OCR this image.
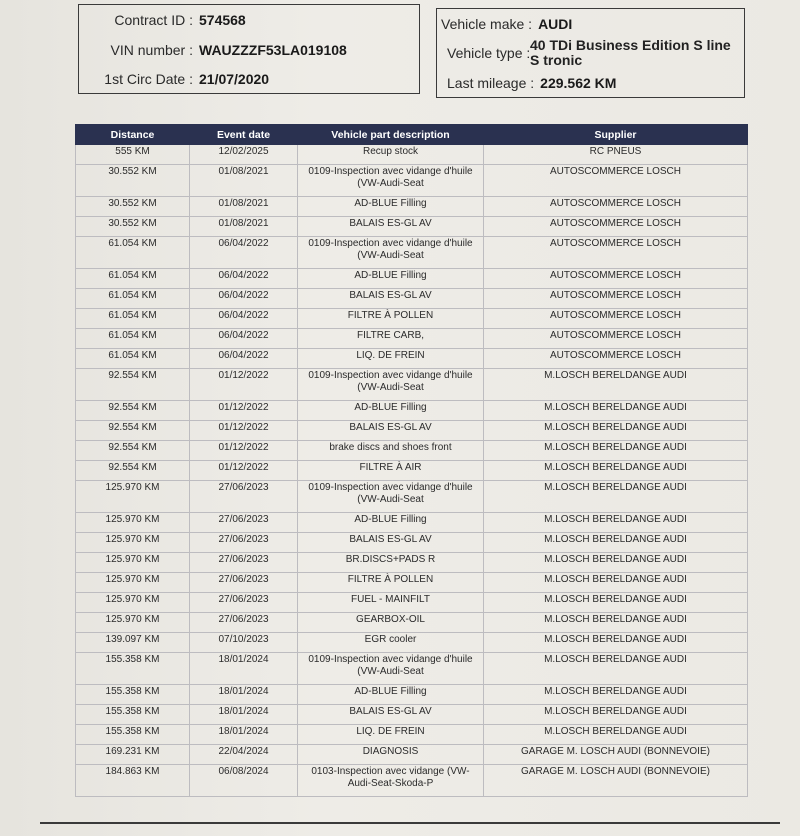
Contract ID : 574568
VIN number : WAUZZZF53LA019108
1st Circ Date : 21/07/2020
Vehicle make : AUDI
Vehicle type : 40 TDi Business Edition S line S tronic
Last mileage : 229.562 KM
Distance	Event date	Vehicle part description	Supplier
555 KM	12/02/2025	Recup stock	RC PNEUS
30.552 KM	01/08/2021	0109-Inspection avec vidange d'huile (VW-Audi-Seat	AUTOSCOMMERCE LOSCH
30.552 KM	01/08/2021	AD-BLUE Filling	AUTOSCOMMERCE LOSCH
30.552 KM	01/08/2021	BALAIS ES-GL AV	AUTOSCOMMERCE LOSCH
61.054 KM	06/04/2022	0109-Inspection avec vidange d'huile (VW-Audi-Seat	AUTOSCOMMERCE LOSCH
61.054 KM	06/04/2022	AD-BLUE Filling	AUTOSCOMMERCE LOSCH
61.054 KM	06/04/2022	BALAIS ES-GL AV	AUTOSCOMMERCE LOSCH
61.054 KM	06/04/2022	FILTRE À POLLEN	AUTOSCOMMERCE LOSCH
61.054 KM	06/04/2022	FILTRE CARB,	AUTOSCOMMERCE LOSCH
61.054 KM	06/04/2022	LIQ. DE FREIN	AUTOSCOMMERCE LOSCH
92.554 KM	01/12/2022	0109-Inspection avec vidange d'huile (VW-Audi-Seat	M.LOSCH BERELDANGE AUDI
92.554 KM	01/12/2022	AD-BLUE Filling	M.LOSCH BERELDANGE AUDI
92.554 KM	01/12/2022	BALAIS ES-GL AV	M.LOSCH BERELDANGE AUDI
92.554 KM	01/12/2022	brake discs and shoes front	M.LOSCH BERELDANGE AUDI
92.554 KM	01/12/2022	FILTRE À AIR	M.LOSCH BERELDANGE AUDI
125.970 KM	27/06/2023	0109-Inspection avec vidange d'huile (VW-Audi-Seat	M.LOSCH BERELDANGE AUDI
125.970 KM	27/06/2023	AD-BLUE Filling	M.LOSCH BERELDANGE AUDI
125.970 KM	27/06/2023	BALAIS ES-GL AV	M.LOSCH BERELDANGE AUDI
125.970 KM	27/06/2023	BR.DISCS+PADS R	M.LOSCH BERELDANGE AUDI
125.970 KM	27/06/2023	FILTRE À POLLEN	M.LOSCH BERELDANGE AUDI
125.970 KM	27/06/2023	FUEL - MAINFILT	M.LOSCH BERELDANGE AUDI
125.970 KM	27/06/2023	GEARBOX-OIL	M.LOSCH BERELDANGE AUDI
139.097 KM	07/10/2023	EGR cooler	M.LOSCH BERELDANGE AUDI
155.358 KM	18/01/2024	0109-Inspection avec vidange d'huile (VW-Audi-Seat	M.LOSCH BERELDANGE AUDI
155.358 KM	18/01/2024	AD-BLUE Filling	M.LOSCH BERELDANGE AUDI
155.358 KM	18/01/2024	BALAIS ES-GL AV	M.LOSCH BERELDANGE AUDI
155.358 KM	18/01/2024	LIQ. DE FREIN	M.LOSCH BERELDANGE AUDI
169.231 KM	22/04/2024	DIAGNOSIS	GARAGE M. LOSCH AUDI (BONNEVOIE)
184.863 KM	06/08/2024	0103-Inspection avec vidange (VW-Audi-Seat-Skoda-P	GARAGE M. LOSCH AUDI (BONNEVOIE)
